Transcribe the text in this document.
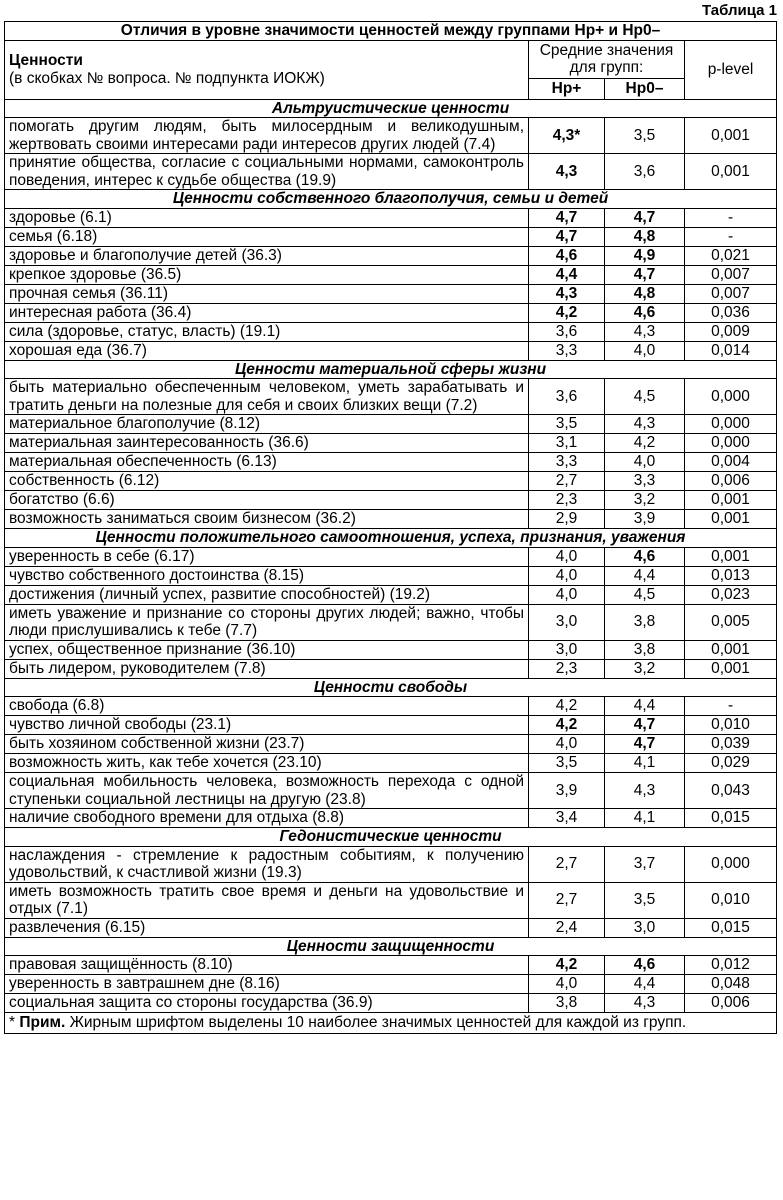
Таблица 1
Отличия в уровне значимости ценностей между группами Нр+ и Нр0–			

Ценности
(в скобках № вопроса. № подпункта ИОКЖ)	Средние значения для групп:		p-level
	Нр+	Нр0–	
Альтруистические ценности			
помогать другим людям, быть милосердным и великодушным, жертвовать своими интересами ради интересов других людей (7.4)	4,3*	3,5	0,001
принятие общества, согласие с социальными нормами, самоконтроль поведения, интерес к судьбе общества (19.9)	4,3	3,6	0,001
Ценности собственного благополучия, семьи и детей			
здоровье (6.1)	4,7	4,7	-
семья (6.18)	4,7	4,8	-
здоровье и благополучие детей (36.3)	4,6	4,9	0,021
крепкое здоровье (36.5)	4,4	4,7	0,007
прочная семья (36.11)	4,3	4,8	0,007
интересная работа (36.4)	4,2	4,6	0,036
сила (здоровье, статус, власть) (19.1)	3,6	4,3	0,009
хорошая еда (36.7)	3,3	4,0	0,014
Ценности материальной сферы жизни			
быть материально обеспеченным человеком, уметь зарабатывать и тратить деньги на полезные для себя и своих близких вещи (7.2)	3,6	4,5	0,000
материальное благополучие (8.12)	3,5	4,3	0,000
материальная заинтересованность (36.6)	3,1	4,2	0,000
материальная обеспеченность (6.13)	3,3	4,0	0,004
собственность (6.12)	2,7	3,3	0,006
богатство (6.6)	2,3	3,2	0,001
возможность заниматься своим бизнесом (36.2)	2,9	3,9	0,001
Ценности положительного самоотношения, успеха, признания, уважения			
уверенность в себе (6.17)	4,0	4,6	0,001
чувство собственного достоинства (8.15)	4,0	4,4	0,013
достижения (личный успех, развитие способностей) (19.2)	4,0	4,5	0,023
иметь уважение и признание со стороны других людей; важно, чтобы люди прислушивались к тебе (7.7)	3,0	3,8	0,005
успех, общественное признание (36.10)	3,0	3,8	0,001
быть лидером, руководителем (7.8)	2,3	3,2	0,001
Ценности свободы			
свобода (6.8)	4,2	4,4	-
чувство личной свободы (23.1)	4,2	4,7	0,010
быть хозяином собственной жизни (23.7)	4,0	4,7	0,039
возможность жить, как тебе хочется (23.10)	3,5	4,1	0,029
социальная мобильность человека, возможность перехода с одной ступеньки социальной лестницы на другую (23.8)	3,9	4,3	0,043
наличие свободного времени для отдыха (8.8)	3,4	4,1	0,015
Гедонистические ценности			
наслаждения - стремление к радостным событиям, к получению удовольствий, к счастливой жизни (19.3)	2,7	3,7	0,000
иметь возможность тратить свое время и деньги на удовольствие и отдых (7.1)	2,7	3,5	0,010
развлечения (6.15)	2,4	3,0	0,015
Ценности защищенности			
правовая защищённость (8.10)	4,2	4,6	0,012
уверенность в завтрашнем дне (8.16)	4,0	4,4	0,048
социальная защита со стороны государства (36.9)	3,8	4,3	0,006
* Прим. Жирным шрифтом выделены 10 наиболее значимых ценностей для каждой из групп.			
